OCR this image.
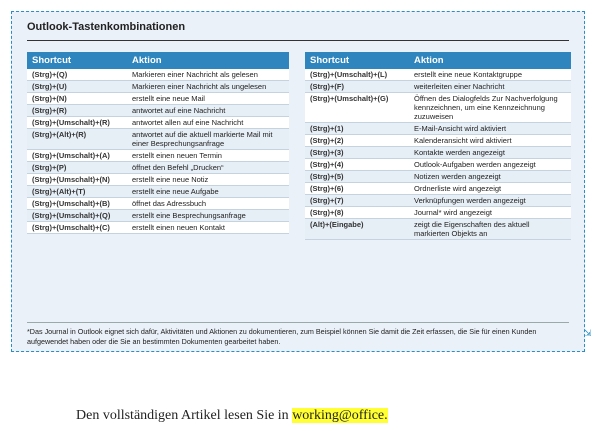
Outlook-Tastenkombinationen
Shortcut	Aktion
(Strg)+(Q)	Markieren einer Nachricht als gelesen
(Strg)+(U)	Markieren einer Nachricht als ungelesen
(Strg)+(N)	erstellt eine neue Mail
(Strg)+(R)	antwortet auf eine Nachricht
(Strg)+(Umschalt)+(R)	antwortet allen auf eine Nachricht
(Strg)+(Alt)+(R)	antwortet auf die aktuell markierte Mail mit einer Besprechungsanfrage
(Strg)+(Umschalt)+(A)	erstellt einen neuen Termin
(Strg)+(P)	öffnet den Befehl „Drucken“
(Strg)+(Umschalt)+(N)	erstellt eine neue Notiz
(Strg)+(Alt)+(T)	erstellt eine neue Aufgabe
(Strg)+(Umschalt)+(B)	öffnet das Adressbuch
(Strg)+(Umschalt)+(Q)	erstellt eine Besprechungsanfrage
(Strg)+(Umschalt)+(C)	erstellt einen neuen Kontakt
Shortcut	Aktion
(Strg)+(Umschalt)+(L)	erstellt eine neue Kontaktgruppe
(Strg)+(F)	weiterleiten einer Nachricht
(Strg)+(Umschalt)+(G)	Öffnen des Dialogfelds Zur Nachverfolgung kennzeichnen, um eine Kennzeichnung zuzuweisen
(Strg)+(1)	E-Mail-Ansicht wird aktiviert
(Strg)+(2)	Kalenderansicht wird aktiviert
(Strg)+(3)	Kontakte werden angezeigt
(Strg)+(4)	Outlook-Aufgaben werden angezeigt
(Strg)+(5)	Notizen werden angezeigt
(Strg)+(6)	Ordnerliste wird angezeigt
(Strg)+(7)	Verknüpfungen werden angezeigt
(Strg)+(8)	Journal* wird angezeigt
(Alt)+(Eingabe)	zeigt die Eigenschaften des aktuell markierten Objekts an
*Das Journal in Outlook eignet sich dafür, Aktivitäten und Aktionen zu dokumentieren, zum Beispiel können Sie damit die Zeit erfassen, die Sie für einen Kunden aufgewendet haben oder die Sie an bestimmten Dokumenten gearbeitet haben.
⇲
Den vollständigen Artikel lesen Sie in working@office.
